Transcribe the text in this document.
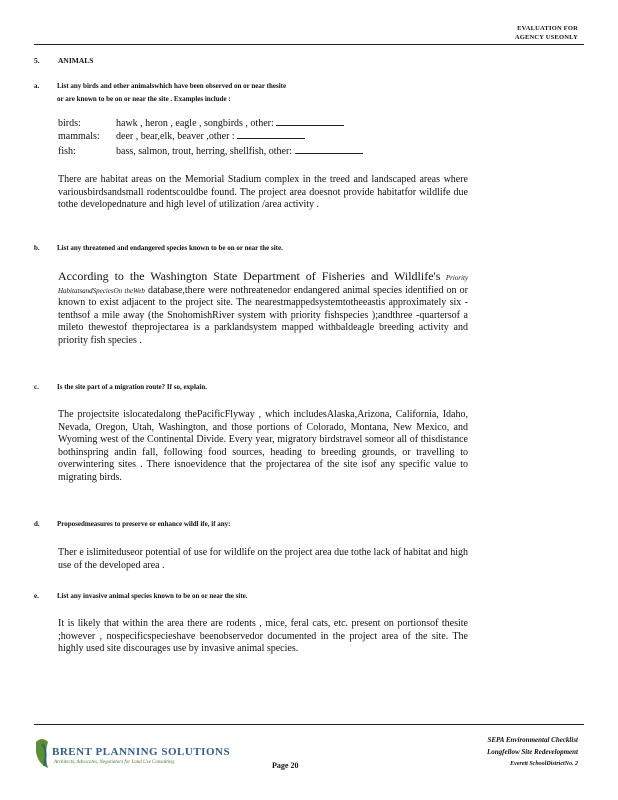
EVALUATION FOR
AGENCY USEONLY
5. ANIMALS
a.	List any birds and other animalswhich have been observed on or near thesite
or are known to be on or near the site . Examples include :
birds:	hawk , heron , eagle , songbirds , other:
mammals: deer , bear,elk, beaver ,other :
fish:	bass, salmon, trout, herring, shellfish, other:
There are habitat areas on the Memorial Stadium complex in the treed and landscaped areas where variousbirdsandsmall rodentscouldbe found. The project area doesnot provide habitatfor wildlife due tothe developednature and high level of utilization /area activity .
b. List any threatened and endangered species known to be on or near the site.
According to the Washington State Department of Fisheries and Wildlife's Priority HabitatsandSpeciesOn theWeb database,there were nothreatenedor endangered animal species identified on or known to exist adjacent to the project site. The nearestmappedsystemtotheeastis approximately six -tenthsof a mile away (the SnohomishRiver system with priority fishspecies );andthree -quartersof a mileto thewestof theprojectarea is a parklandsystem mapped withbaldeagle breeding activity and priority fish species .
c.	Is the site part of a migration route? If so, explain.
The projectsite islocatedalong thePacificFlyway , which includesAlaska,Arizona, California, Idaho, Nevada, Oregon, Utah, Washington, and those portions of Colorado, Montana, New Mexico, and Wyoming west of the Continental Divide. Every year, migratory birdstravel someor all of thisdistance bothinspring andin fall, following food sources, heading to breeding grounds, or travelling to overwintering sites . There isnoevidence that the projectarea of the site isof any specific value to migrating birds.
d. Proposedmeasures to preserve or enhance wildl ife, if any:
Ther e islimiteduseor potential of use for wildlife on the project area due tothe lack of habitat and high use of the developed area .
e.	List any invasive animal species known to be on or near the site.
It is likely that within the area there are rodents , mice, feral cats, etc. present on portionsof thesite ;however , nospecificspecieshave beenobservedor documented in the project area of the site. The highly used site discourages use by invasive animal species.
BRENT PLANNING SOLUTIONS
Architects, Advocates, Negotiators for Land Use Consulting	Page 20
SEPA Environmental Checklist
Longfellow Site Redevelopment
Everett SchoolDistrictNo. 2
